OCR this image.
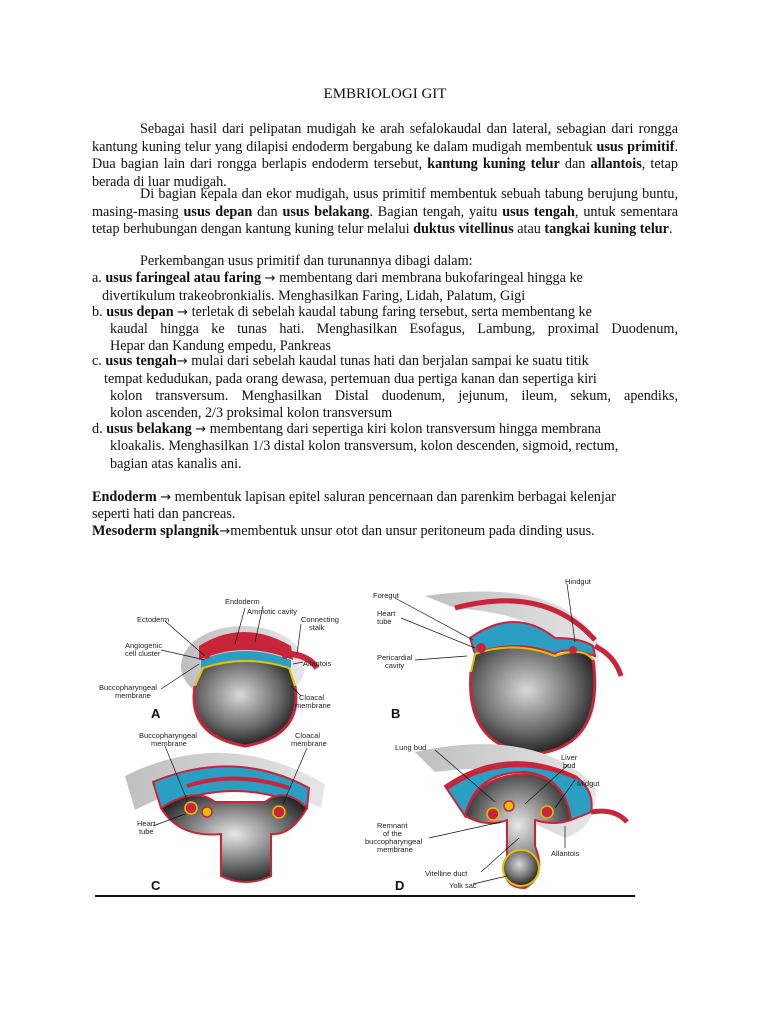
EMBRIOLOGI GIT
Sebagai hasil dari pelipatan mudigah ke arah sefalokaudal dan lateral, sebagian dari rongga kantung kuning telur yang dilapisi endoderm bergabung ke dalam mudigah membentuk usus primitif. Dua bagian lain dari rongga berlapis endoderm tersebut, kantung kuning telur dan allantois, tetap berada di luar mudigah.
Di bagian kepala dan ekor mudigah, usus primitif membentuk sebuah tabung berujung buntu, masing-masing usus depan dan usus belakang. Bagian tengah, yaitu usus tengah, untuk sementara tetap berhubungan dengan kantung kuning telur melalui duktus vitellinus atau tangkai kuning telur.
Perkembangan usus primitif dan turunannya dibagi dalam:
a. usus faringeal atau faring → membentang dari membrana bukofaringeal hingga ke
divertikulum trakeobronkialis. Menghasilkan Faring, Lidah, Palatum, Gigi
b. usus depan → terletak di sebelah kaudal tabung faring tersebut, serta membentang ke
kaudal hingga ke tunas hati. Menghasilkan Esofagus, Lambung, proximal Duodenum,
Hepar dan Kandung empedu, Pankreas
c. usus tengah→ mulai dari sebelah kaudal tunas hati dan berjalan sampai ke suatu titik
tempat kedudukan, pada orang dewasa, pertemuan dua pertiga kanan dan sepertiga kiri
kolon transversum. Menghasilkan Distal duodenum, jejunum, ileum, sekum, apendiks,
kolon ascenden, 2/3 proksimal kolon transversum
d. usus belakang → membentang dari sepertiga kiri kolon transversum hingga membrana
kloakalis. Menghasilkan 1/3 distal kolon transversum, kolon descenden, sigmoid, rectum,
bagian atas kanalis ani.
Endoderm → membentuk lapisan epitel saluran pencernaan dan parenkim berbagai kelenjar
seperti hati dan pancreas.
Mesoderm splangnik→membentuk unsur otot dan unsur peritoneum pada dinding usus.
Endoderm
Amniotic cavity
Ectoderm	Connecting
stalk
Angiogenic
cell cluster
Allantois
Buccopharyngeal
membrane	Cloacal
membrane
A
Hindgut
Foregut
Heart
tube
Pericardial
cavity
B
Buccopharyngeal
membrane
Cloacal
membrane
Heart
tube
C
Lung bud
Liver
bud
Midgut
Remnant
of the
buccopharyngeal
membrane	Allantois
Vitelline duct
Yolk sac
D
